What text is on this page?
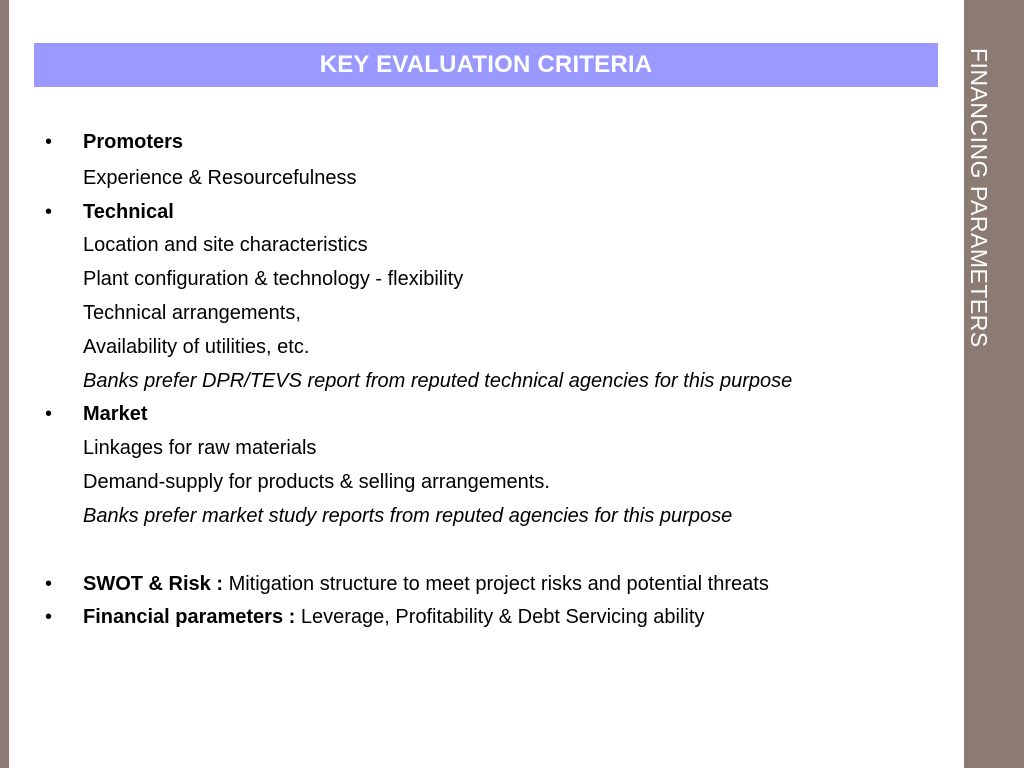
FINANCING PARAMETERS
KEY EVALUATION CRITERIA
• Promoters
Experience & Resourcefulness
• Technical
Location and site characteristics
Plant configuration & technology - flexibility
Technical arrangements,
Availability of utilities, etc.
Banks prefer DPR/TEVS report from reputed technical agencies for this purpose
• Market
Linkages for raw materials
Demand-supply for products & selling arrangements.
Banks prefer market study reports from reputed agencies for this purpose
• SWOT & Risk : Mitigation structure to meet project risks and potential threats
• Financial parameters : Leverage, Profitability & Debt Servicing ability
